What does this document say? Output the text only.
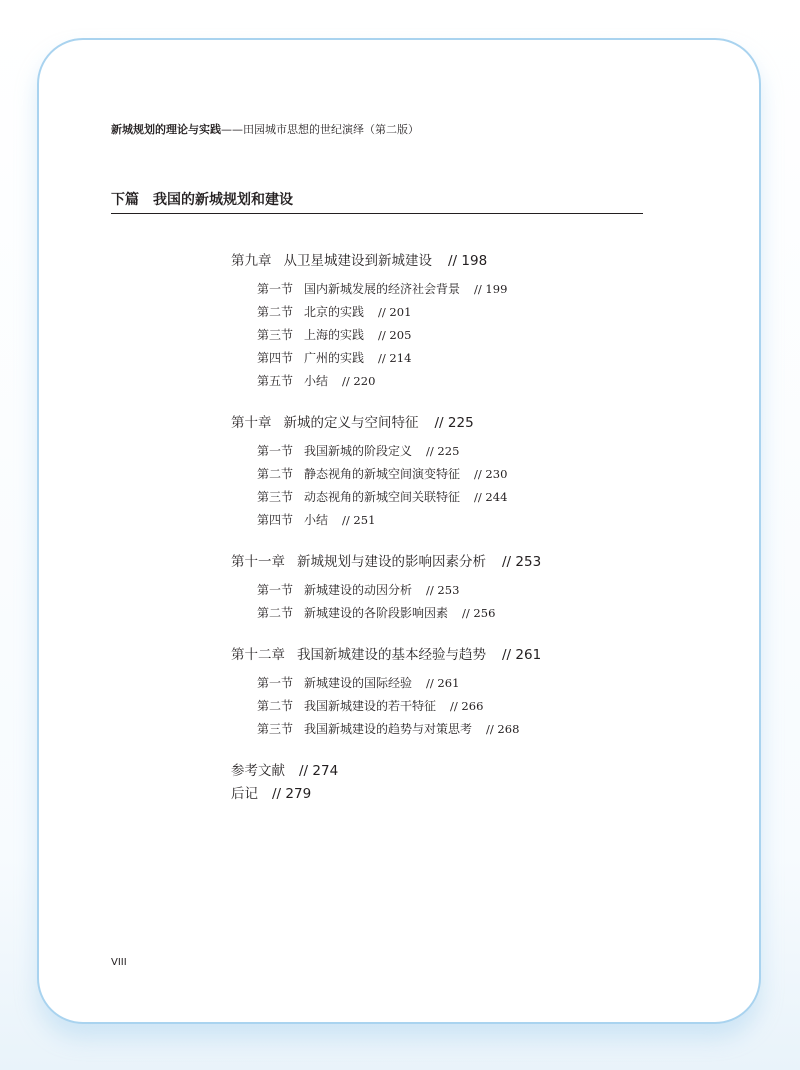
新城规划的理论与实践——田园城市思想的世纪演绎（第二版）
下篇 我国的新城规划和建设
第九章 从卫星城建设到新城建设 // 198
第一节 国内新城发展的经济社会背景 // 199
第二节 北京的实践 // 201
第三节 上海的实践 // 205
第四节 广州的实践 // 214
第五节 小结 // 220
第十章 新城的定义与空间特征 // 225
第一节 我国新城的阶段定义 // 225
第二节 静态视角的新城空间演变特征 // 230
第三节 动态视角的新城空间关联特征 // 244
第四节 小结 // 251
第十一章 新城规划与建设的影响因素分析 // 253
第一节 新城建设的动因分析 // 253
第二节 新城建设的各阶段影响因素 // 256
第十二章 我国新城建设的基本经验与趋势 // 261
第一节 新城建设的国际经验 // 261
第二节 我国新城建设的若干特征 // 266
第三节 我国新城建设的趋势与对策思考 // 268
参考文献 // 274
后记 // 279
VIII
